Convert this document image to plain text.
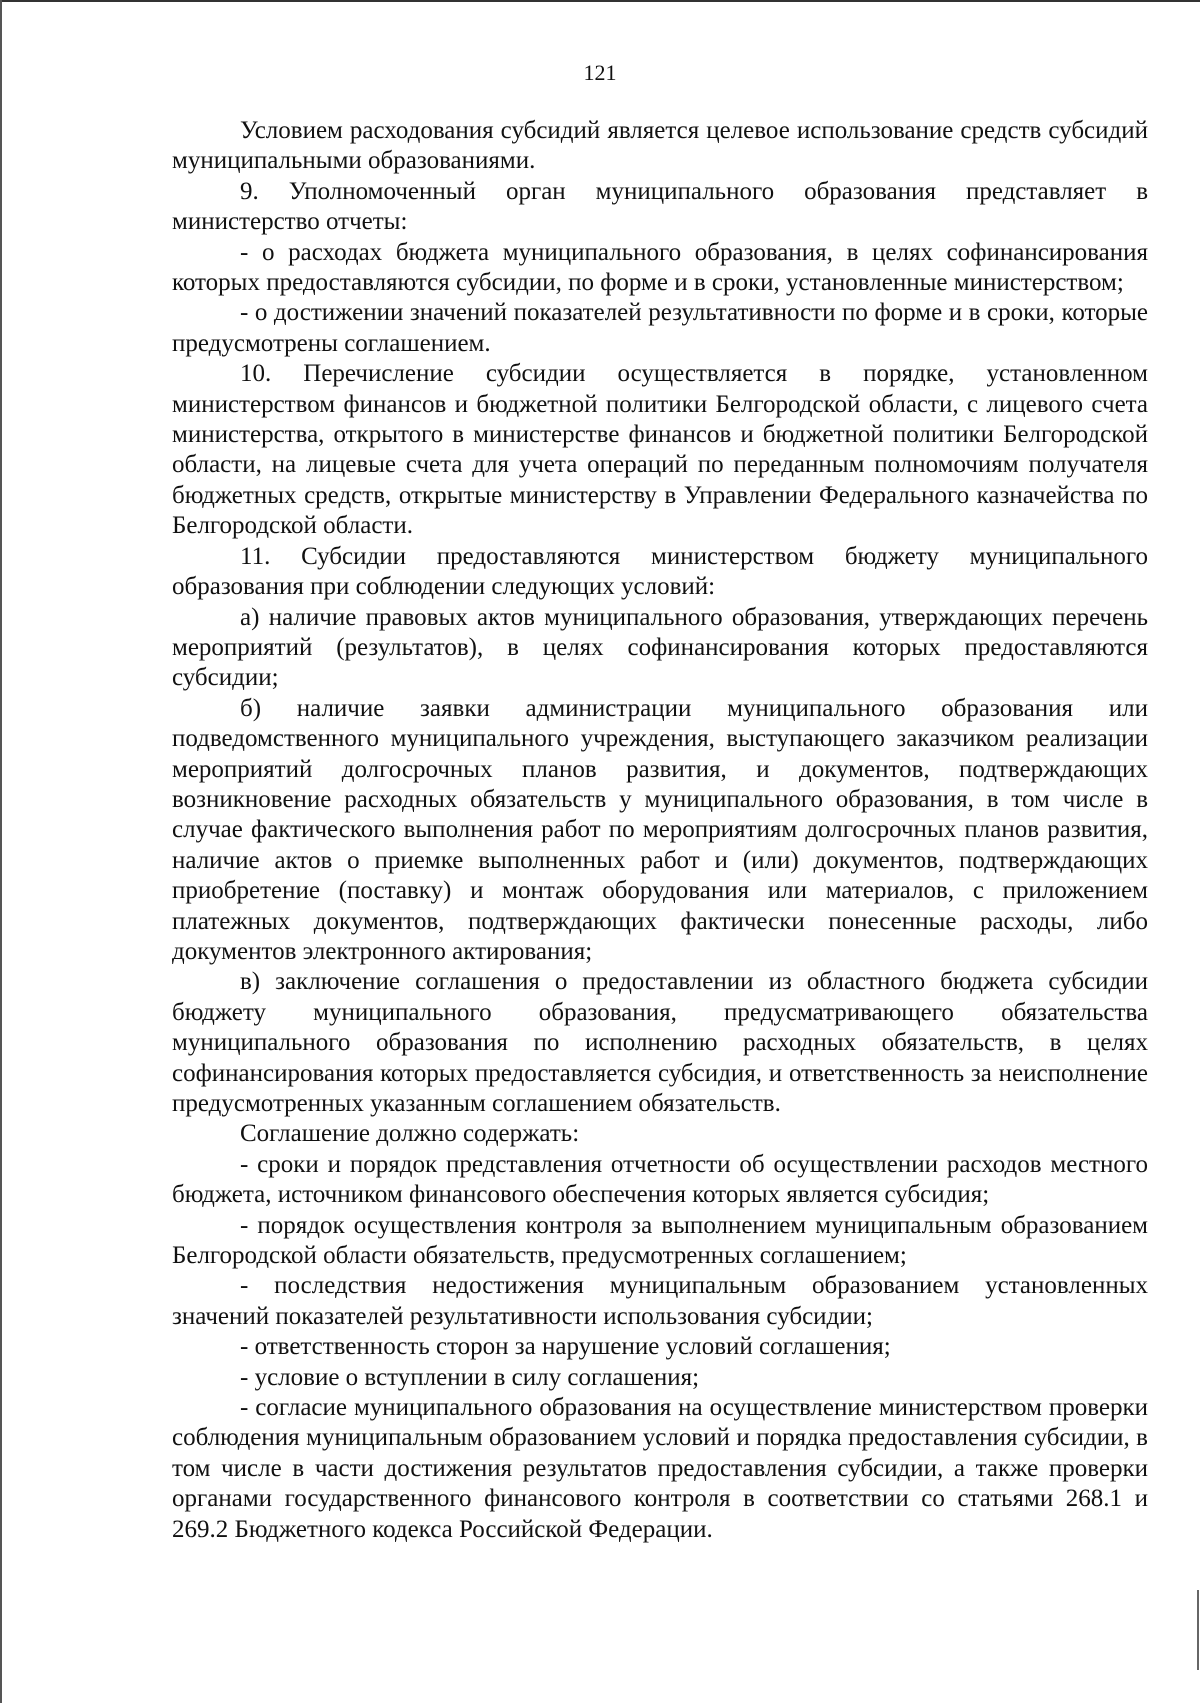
121

Условием расходования субсидий является целевое использование средств субсидий муниципальными образованиями.

9. Уполномоченный орган муниципального образования представляет в министерство отчеты:

- о расходах бюджета муниципального образования, в целях софинансирования которых предоставляются субсидии, по форме и в сроки, установленные министерством;

- о достижении значений показателей результативности по форме и в сроки, которые предусмотрены соглашением.

10. Перечисление субсидии осуществляется в порядке, установленном министерством финансов и бюджетной политики Белгородской области, с лицевого счета министерства, открытого в министерстве финансов и бюджетной политики Белгородской области, на лицевые счета для учета операций по переданным полномочиям получателя бюджетных средств, открытые министерству в Управлении Федерального казначейства по Белгородской области.

11. Субсидии предоставляются министерством бюджету муниципального образования при соблюдении следующих условий:

а) наличие правовых актов муниципального образования, утверждающих перечень мероприятий (результатов), в целях софинансирования которых предоставляются субсидии;

б) наличие заявки администрации муниципального образования или подведомственного муниципального учреждения, выступающего заказчиком реализации мероприятий долгосрочных планов развития, и документов, подтверждающих возникновение расходных обязательств у муниципального образования, в том числе в случае фактического выполнения работ по мероприятиям долгосрочных планов развития, наличие актов о приемке выполненных работ и (или) документов, подтверждающих приобретение (поставку) и монтаж оборудования или материалов, с приложением платежных документов, подтверждающих фактически понесенные расходы, либо документов электронного актирования;

в) заключение соглашения о предоставлении из областного бюджета субсидии бюджету муниципального образования, предусматривающего обязательства муниципального образования по исполнению расходных обязательств, в целях софинансирования которых предоставляется субсидия, и ответственность за неисполнение предусмотренных указанным соглашением обязательств.

Соглашение должно содержать:

- сроки и порядок представления отчетности об осуществлении расходов местного бюджета, источником финансового обеспечения которых является субсидия;

- порядок осуществления контроля за выполнением муниципальным образованием Белгородской области обязательств, предусмотренных соглашением;

- последствия недостижения муниципальным образованием установленных значений показателей результативности использования субсидии;

- ответственность сторон за нарушение условий соглашения;

- условие о вступлении в силу соглашения;

- согласие муниципального образования на осуществление министерством проверки соблюдения муниципальным образованием условий и порядка предоставления субсидии, в том числе в части достижения результатов предоставления субсидии, а также проверки органами государственного финансового контроля в соответствии со статьями 268.1 и 269.2 Бюджетного кодекса Российской Федерации.
